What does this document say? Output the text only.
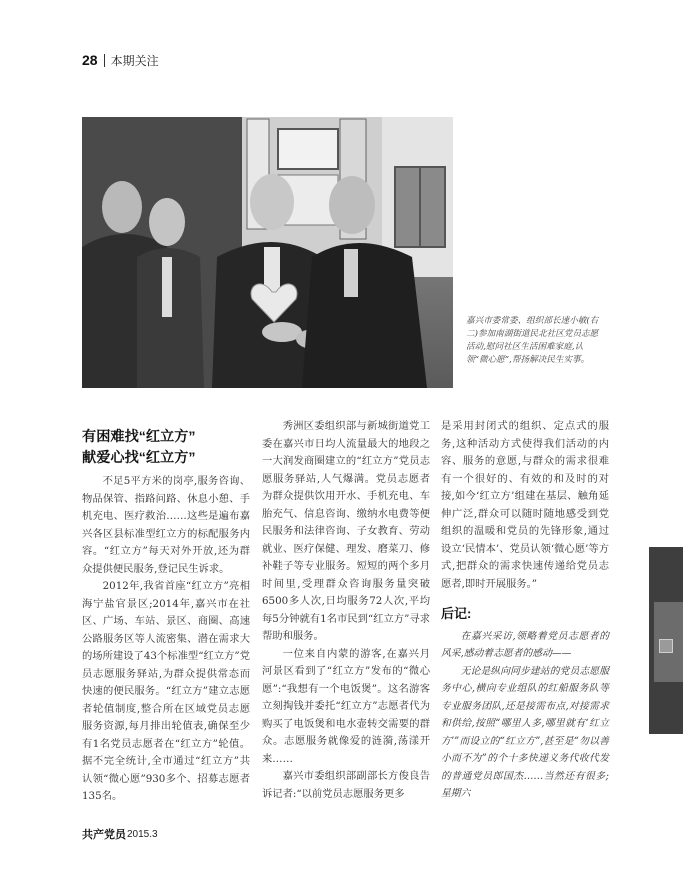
28 本期关注
嘉兴市委常委、组织部长速小敏(右二)参加南湖街道民北社区党员志愿活动,慰问社区生活困难家庭,认领“微心愿”,帮扬解决民生实事。
有困难找“红立方”
献爱心找“红立方”

不足5平方米的岗亭,服务咨询、物品保管、指路问路、休息小憩、手机充电、医疗救治……这些是遍布嘉兴各区县标准型红立方的标配服务内容。“红立方”每天对外开放,还为群众提供便民服务,登记民生诉求。

2012年,我省首座“红立方”亮相海宁盐官景区;2014年,嘉兴市在社区、广场、车站、景区、商圈、高速公路服务区等人流密集、潜在需求大的场所建设了43个标准型“红立方”党员志愿服务驿站,为群众提供常态而快速的便民服务。“红立方”建立志愿者轮值制度,整合所在区域党员志愿服务资源,每月排出轮值表,确保至少有1名党员志愿者在“红立方”轮值。据不完全统计,全市通过“红立方”共认领“微心愿”930多个、招募志愿者135名。

秀洲区委组织部与新城街道党工委在嘉兴市日均人流量最大的地段之一大润发商圈建立的“红立方”党员志愿服务驿站,人气爆满。党员志愿者为群众提供饮用开水、手机充电、车胎充气、信息咨询、缴纳水电费等便民服务和法律咨询、子女教育、劳动就业、医疗保健、理发、磨菜刀、修补鞋子等专业服务。短短的两个多月时间里,受理群众咨询服务量突破6500多人次,日均服务72人次,平均每5分钟就有1名市民到“红立方”寻求帮助和服务。

一位来自内蒙的游客,在嘉兴月河景区看到了“红立方”发布的“微心愿”:“我想有一个电饭煲”。这名游客立刻掏钱并委托“红立方”志愿者代为购买了电饭煲和电水壶转交需要的群众。志愿服务就像爱的涟漪,荡漾开来……

嘉兴市委组织部副部长方俊良告诉记者:“以前党员志愿服务更多

是采用封闭式的组织、定点式的服务,这种活动方式使得我们活动的内容、服务的意愿,与群众的需求很难有一个很好的、有效的和及时的对接,如今‘红立方’组建在基层、触角延伸广泛,群众可以随时随地感受到党组织的温暖和党员的先锋形象,通过设立‘民情本’、党员认领‘微心愿’等方式,把群众的需求快速传递给党员志愿者,即时开展服务。”

后记:

在嘉兴采访,领略着党员志愿者的风采,感动着志愿者的感动——

无论是纵向同步建站的党员志愿服务中心,横向专业组队的红船服务队等专业服务团队,还是接需布点,对接需求和供给,按照“哪里人多,哪里就有‘红立方’”而设立的“红立方”,甚至是“勿以善小而不为”的个十多快递义务代收代发的普通党员郎国杰……当然还有很多;星期六

共产党员 2015.3
